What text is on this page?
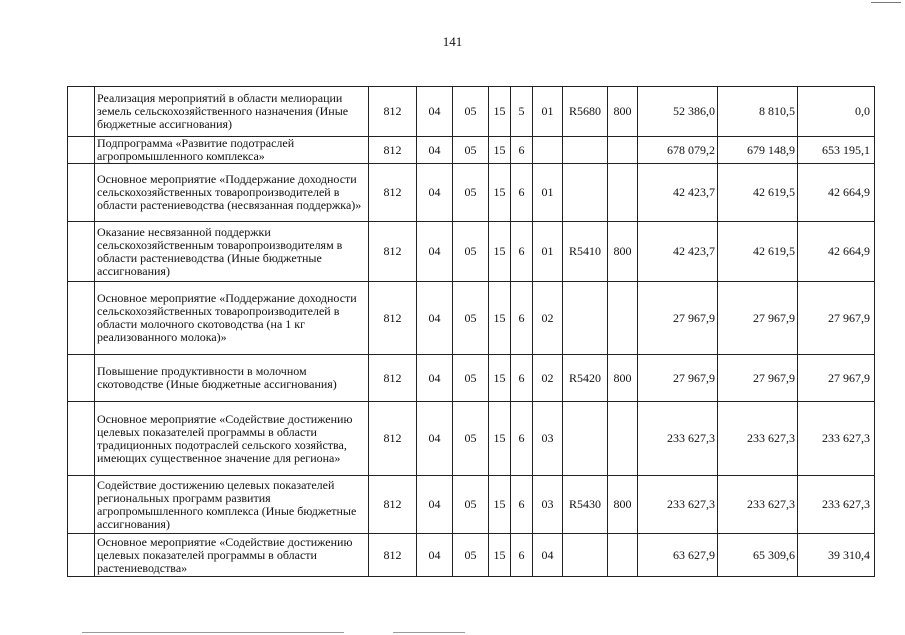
141
	Реализация мероприятий в области мелиорации земель сельскохозяйственного назначения (Иные бюджетные ассигнования)	812	04	05	15	5	01	R5680	800	52 386,0	8 810,5	0,0
	Подпрограмма «Развитие подотраслей агропромышленного комплекса»	812	04	05	15	6				678 079,2	679 148,9	653 195,1
	Основное мероприятие «Поддержание доходности сельскохозяйственных товаропроизводителей в области растениеводства (несвязанная поддержка)»	812	04	05	15	6	01			42 423,7	42 619,5	42 664,9
	Оказание несвязанной поддержки сельскохозяйственным товаропроизводителям в области растениеводства (Иные бюджетные ассигнования)	812	04	05	15	6	01	R5410	800	42 423,7	42 619,5	42 664,9
	Основное мероприятие «Поддержание доходности сельскохозяйственных товаропроизводителей в области молочного скотоводства (на 1 кг реализованного молока)»	812	04	05	15	6	02			27 967,9	27 967,9	27 967,9
	Повышение продуктивности в молочном скотоводстве (Иные бюджетные ассигнования)	812	04	05	15	6	02	R5420	800	27 967,9	27 967,9	27 967,9
	Основное мероприятие «Содействие достижению целевых показателей программы в области традиционных подотраслей сельского хозяйства, имеющих существенное значение для региона»	812	04	05	15	6	03			233 627,3	233 627,3	233 627,3
	Содействие достижению целевых показателей региональных программ развития агропромышленного комплекса (Иные бюджетные ассигнования)	812	04	05	15	6	03	R5430	800	233 627,3	233 627,3	233 627,3
	Основное мероприятие «Содействие достижению целевых показателей программы в области растениеводства»	812	04	05	15	6	04			63 627,9	65 309,6	39 310,4
